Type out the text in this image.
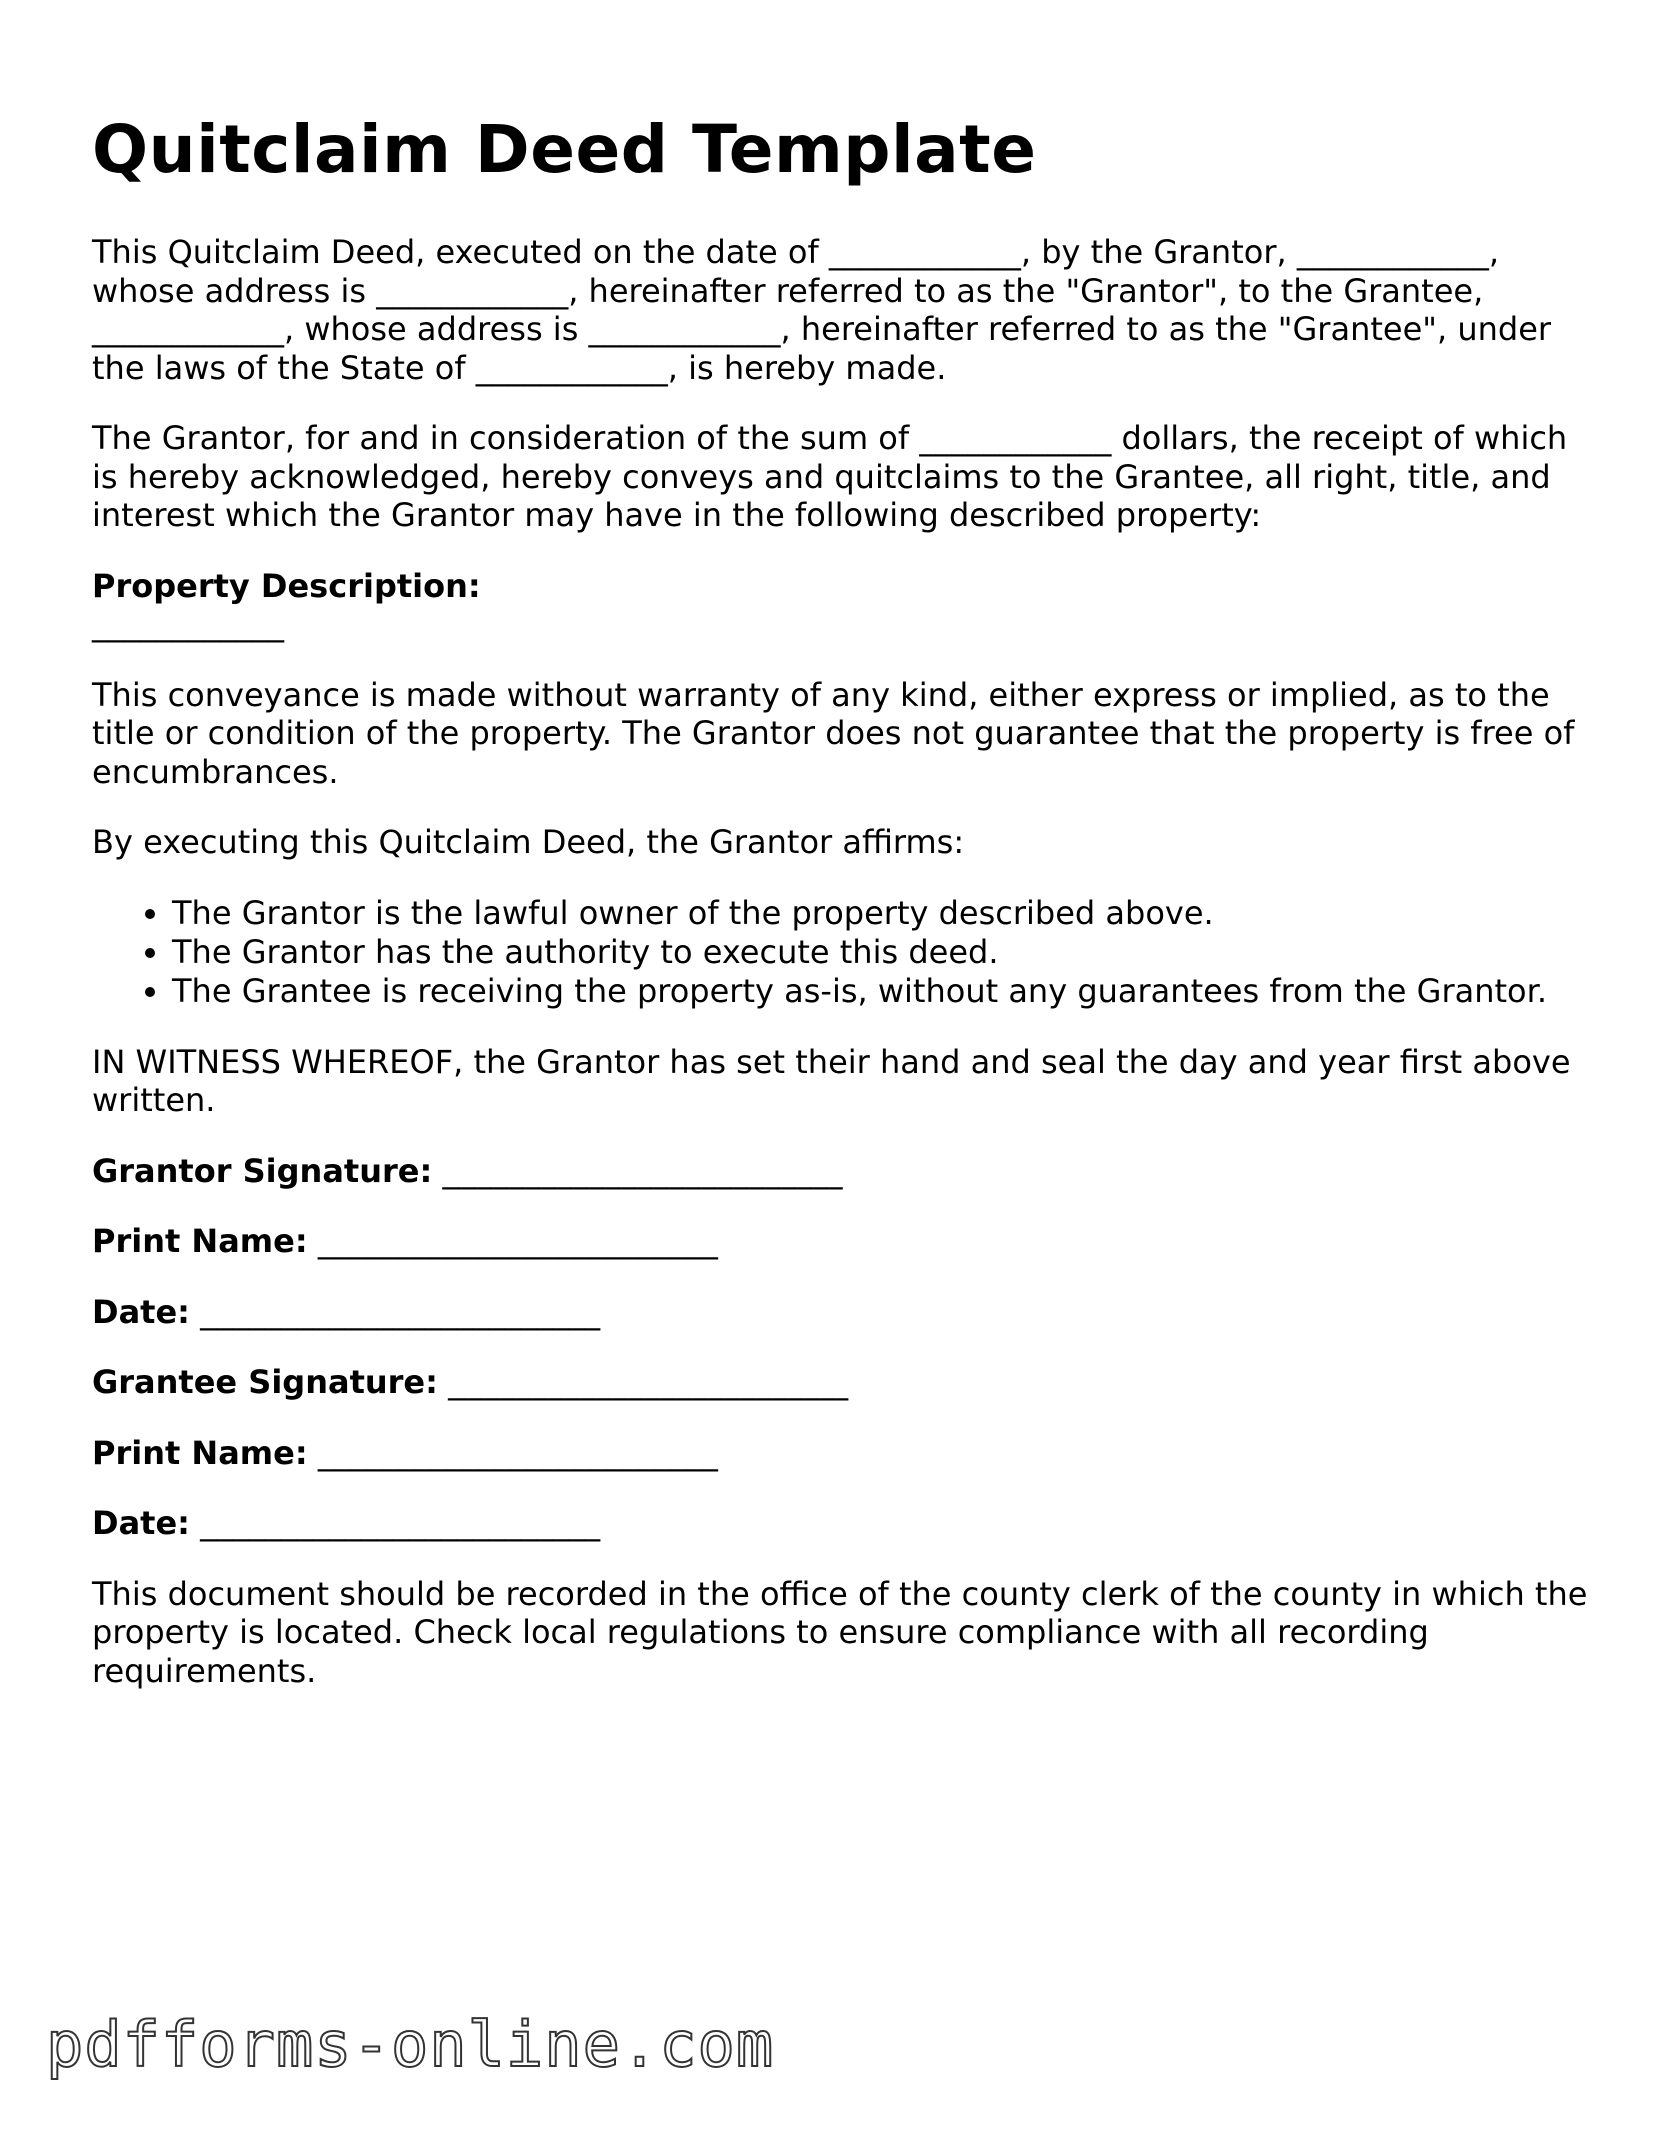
Quitclaim Deed Template

This Quitclaim Deed, executed on the date of ____________, by the Grantor, ____________, whose address is ____________, hereinafter referred to as the "Grantor", to the Grantee, ____________, whose address is ____________, hereinafter referred to as the "Grantee", under the laws of the State of ____________, is hereby made.

The Grantor, for and in consideration of the sum of ____________ dollars, the receipt of which is hereby acknowledged, hereby conveys and quitclaims to the Grantee, all right, title, and interest which the Grantor may have in the following described property:

Property Description:
____________

This conveyance is made without warranty of any kind, either express or implied, as to the title or condition of the property. The Grantor does not guarantee that the property is free of encumbrances.

By executing this Quitclaim Deed, the Grantor affirms:

• The Grantor is the lawful owner of the property described above.
• The Grantor has the authority to execute this deed.
• The Grantee is receiving the property as-is, without any guarantees from the Grantor.

IN WITNESS WHEREOF, the Grantor has set their hand and seal the day and year first above written.

Grantor Signature: _________________________
Print Name: _________________________
Date: _________________________
Grantee Signature: _________________________
Print Name: _________________________
Date: _________________________

This document should be recorded in the office of the county clerk of the county in which the property is located. Check local regulations to ensure compliance with all recording requirements.

pdfforms-online.com
